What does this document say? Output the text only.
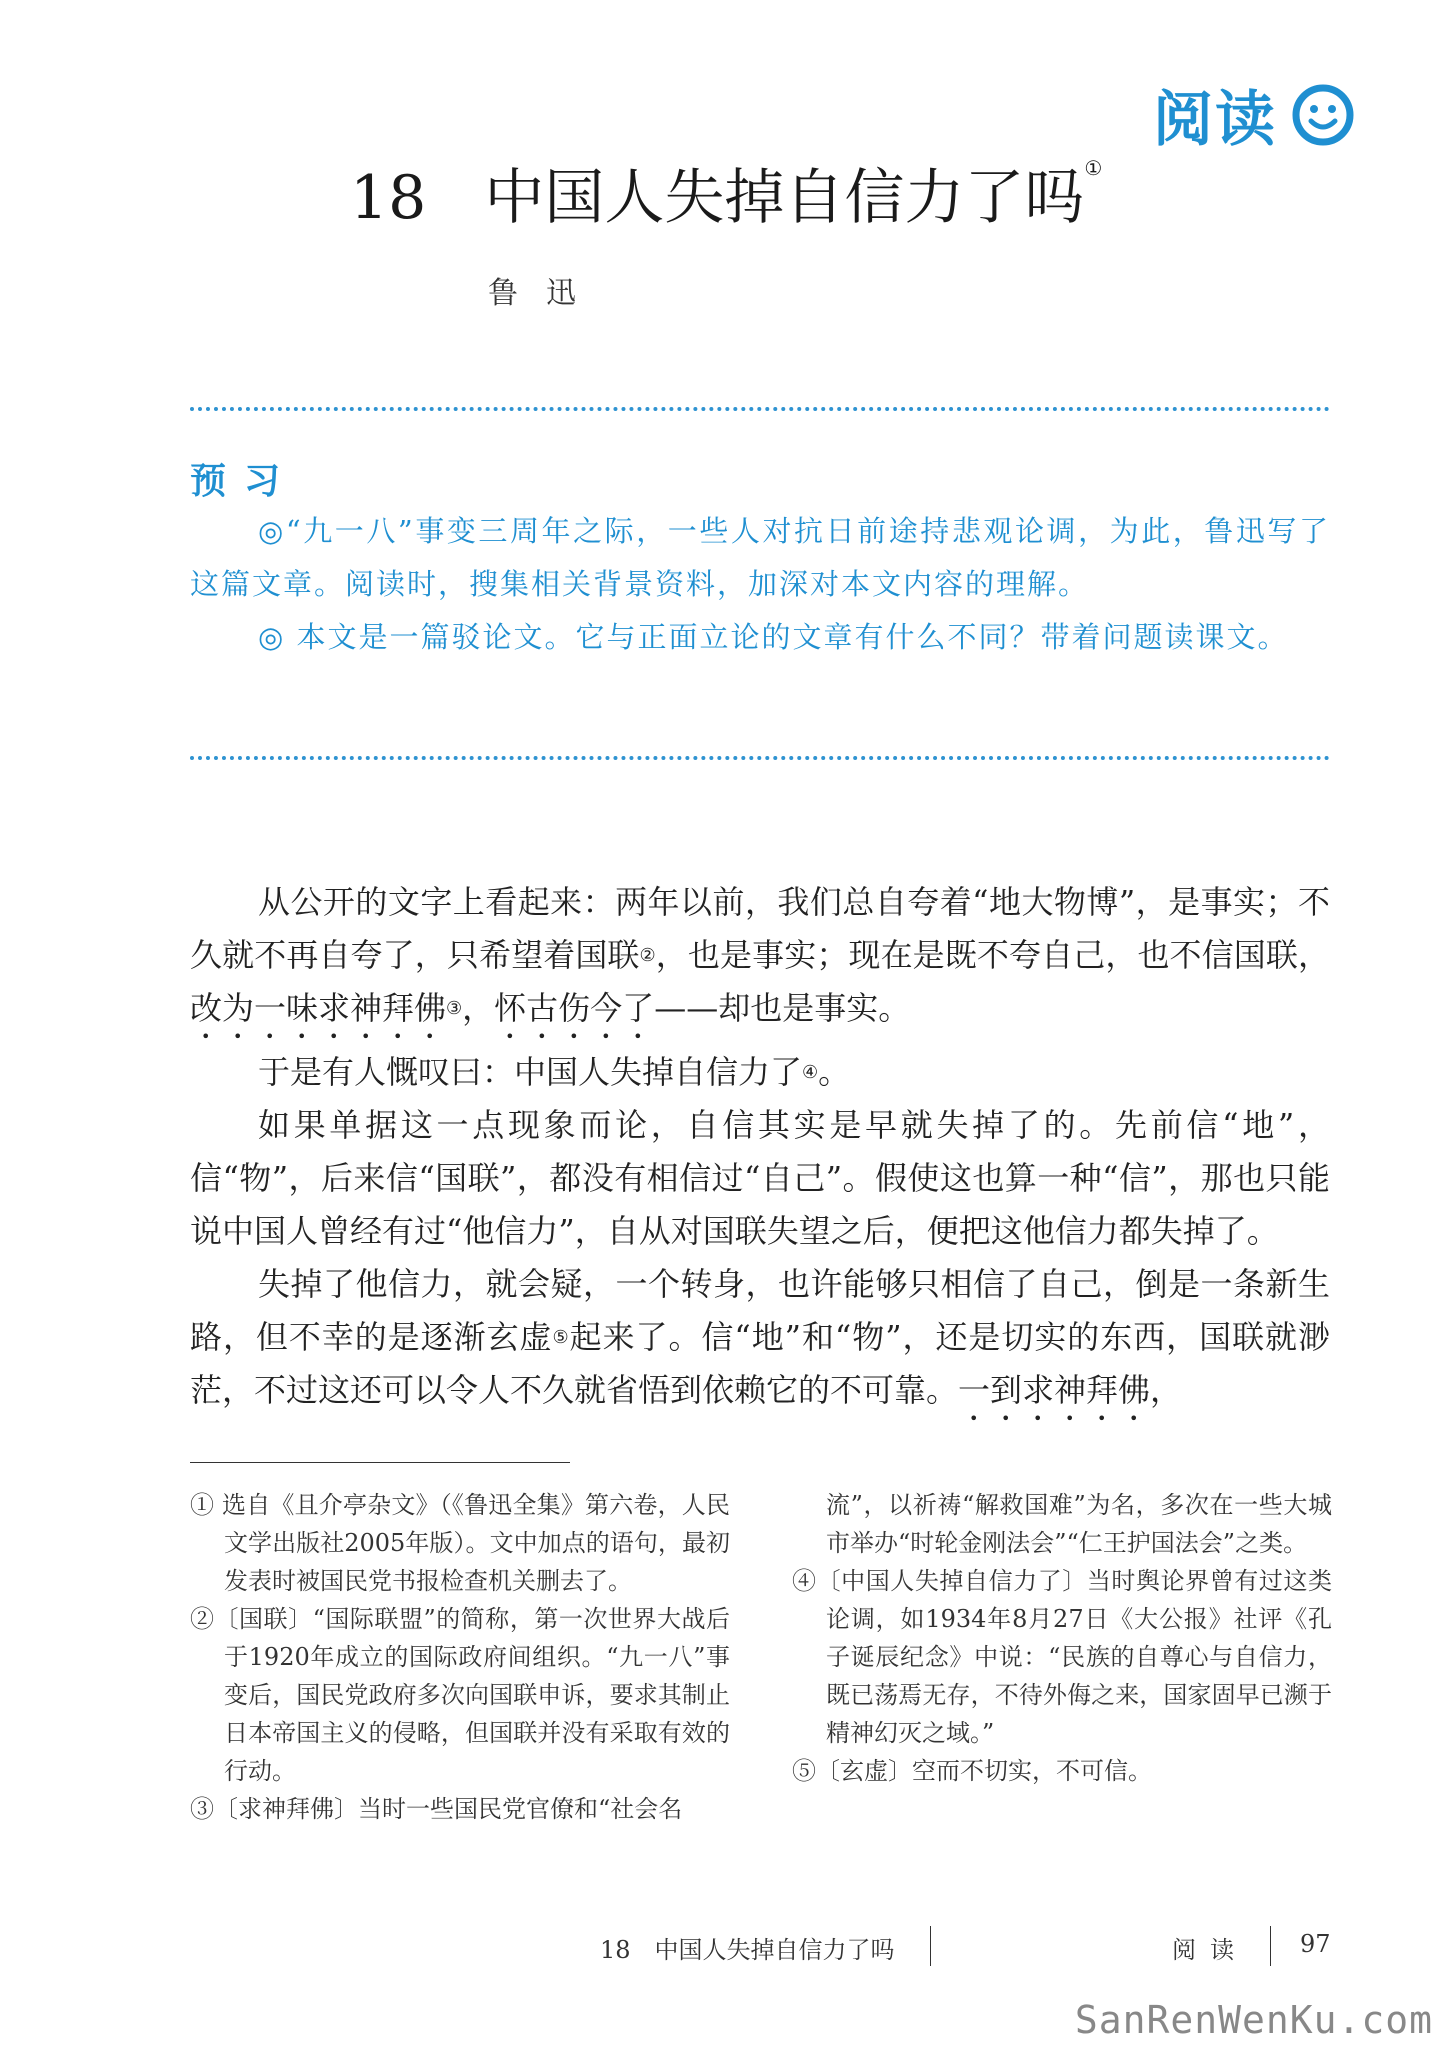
阅读
18 中国人失掉自信力了吗①
鲁迅
预习

◎“九一八”事变三周年之际，一些人对抗日前途持悲观论调，为此，鲁迅写了这篇文章。阅读时，搜集相关背景资料，加深对本文内容的理解。

◎ 本文是一篇驳论文。它与正面立论的文章有什么不同？带着问题读课文。

从公开的文字上看起来：两年以前，我们总自夸着“地大物博”，是事实；不久就不再自夸了，只希望着国联②，也是事实；现在是既不夸自己，也不信国联，改为一味求神拜佛③，怀古伤今了——却也是事实。

于是有人慨叹曰：中国人失掉自信力了④。

如果单据这一点现象而论，自信其实是早就失掉了的。先前信“地”，信“物”，后来信“国联”，都没有相信过“自己”。假使这也算一种“信”，那也只能说中国人曾经有过“他信力”，自从对国联失望之后，便把这他信力都失掉了。

失掉了他信力，就会疑，一个转身，也许能够只相信了自己，倒是一条新生路，但不幸的是逐渐玄虚⑤起来了。信“地”和“物”，还是切实的东西，国联就渺茫，不过这还可以令人不久就省悟到依赖它的不可靠。一到求神拜佛，

① 选自《且介亭杂文》（《鲁迅全集》第六卷，人民文学出版社2005年版）。文中加点的语句，最初发表时被国民党书报检查机关删去了。

②〔国联〕“国际联盟”的简称，第一次世界大战后于1920年成立的国际政府间组织。“九一八”事变后，国民党政府多次向国联申诉，要求其制止日本帝国主义的侵略，但国联并没有采取有效的行动。

③〔求神拜佛〕当时一些国民党官僚和“社会名

流”，以祈祷“解救国难”为名，多次在一些大城市举办“时轮金刚法会”“仁王护国法会”之类。

④〔中国人失掉自信力了〕当时舆论界曾有过这类论调，如1934年8月27日《大公报》社评《孔子诞辰纪念》中说：“民族的自尊心与自信力，既已荡焉无存，不待外侮之来，国家固早已濒于精神幻灭之域。”

⑤〔玄虚〕空而不切实，不可信。

18　中国人失掉自信力了吗	阅读 97
SanRenWenKu.com
